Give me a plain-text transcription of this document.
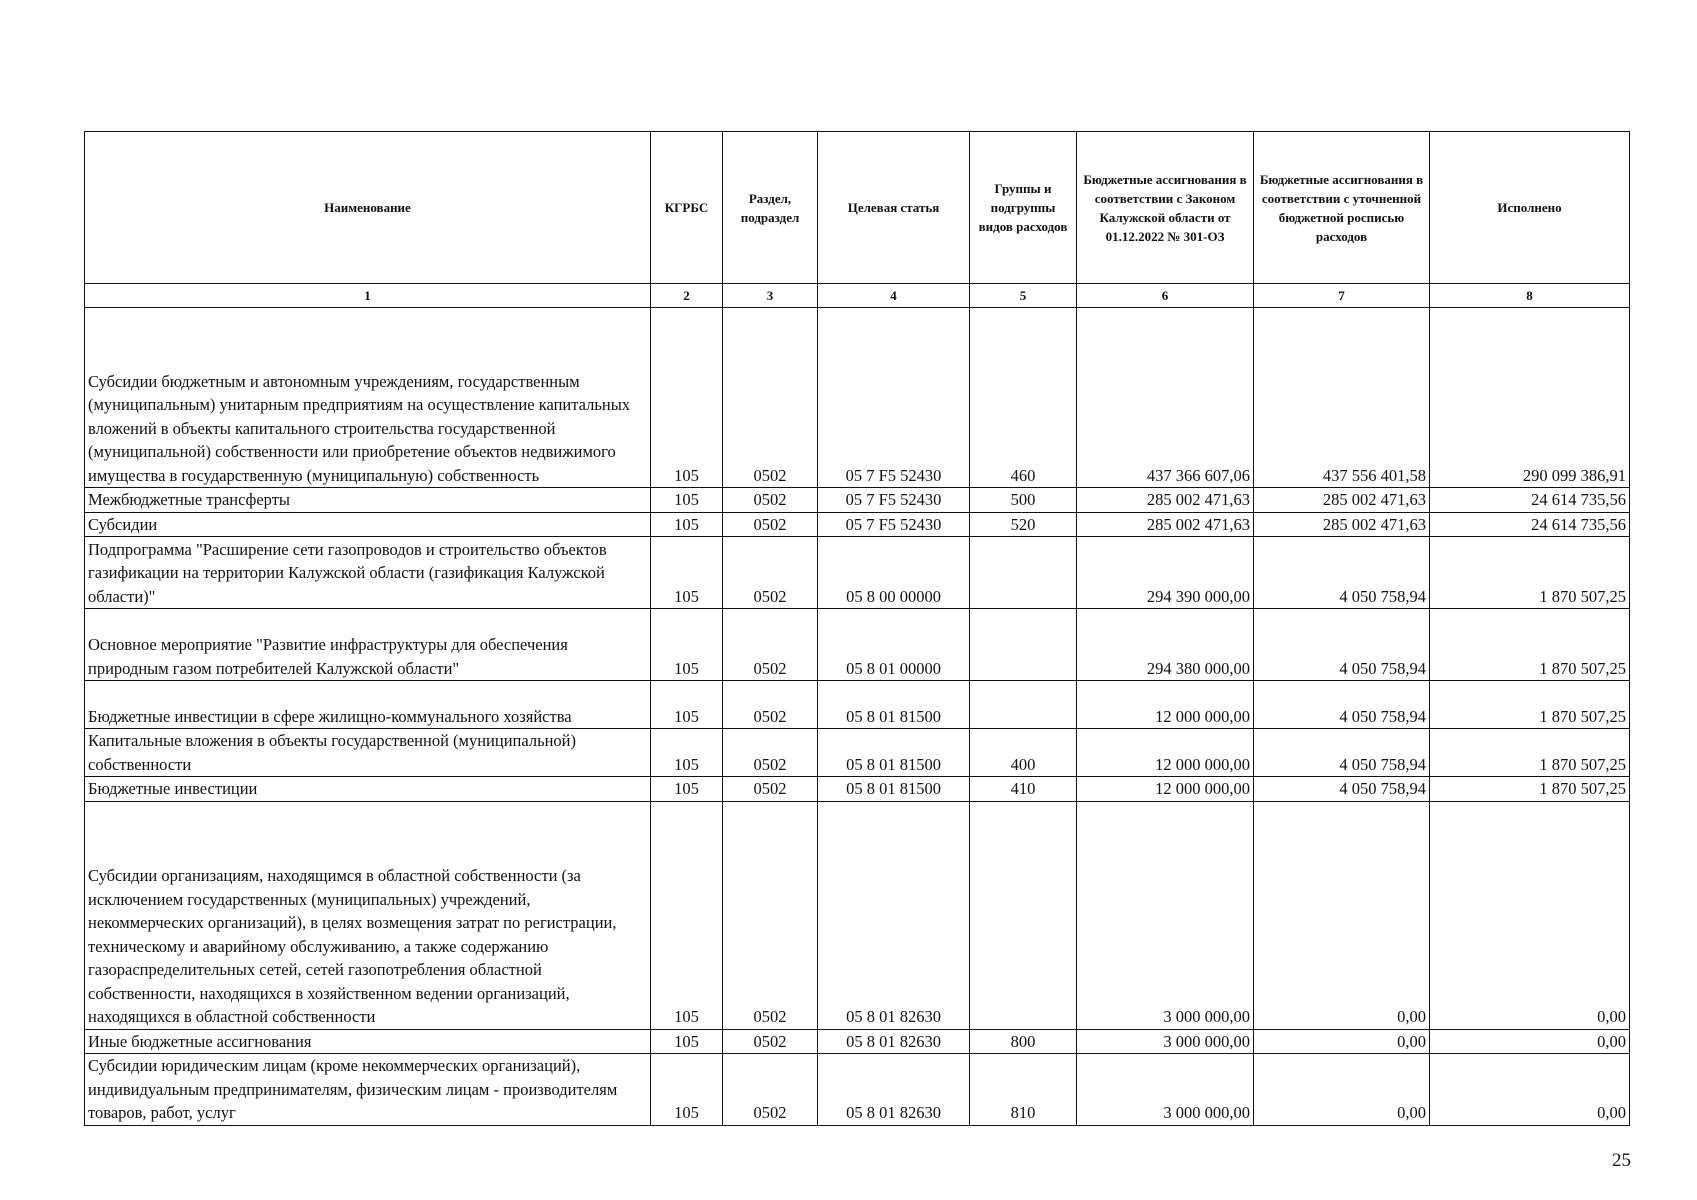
Наименование	КГРБС	Раздел, подраздел	Целевая статья	Группы и подгруппы видов расходов	Бюджетные ассигнования в соответствии с Законом Калужской области от 01.12.2022 № 301-ОЗ	Бюджетные ассигнования в соответствии с уточненной бюджетной росписью расходов	Исполнено
1	2	3	4	5	6	7	8
Субсидии бюджетным и автономным учреждениям, государственным (муниципальным) унитарным предприятиям на осуществление капитальных вложений в объекты капитального строительства государственной (муниципальной) собственности или приобретение объектов недвижимого имущества в государственную (муниципальную) собственность	105	0502	05 7 F5 52430	460	437 366 607,06	437 556 401,58	290 099 386,91
Межбюджетные трансферты	105	0502	05 7 F5 52430	500	285 002 471,63	285 002 471,63	24 614 735,56
Субсидии	105	0502	05 7 F5 52430	520	285 002 471,63	285 002 471,63	24 614 735,56
Подпрограмма "Расширение сети газопроводов и строительство объектов газификации на территории Калужской области (газификация Калужской области)"	105	0502	05 8 00 00000		294 390 000,00	4 050 758,94	1 870 507,25
Основное мероприятие "Развитие инфраструктуры для обеспечения природным газом потребителей Калужской области"	105	0502	05 8 01 00000		294 380 000,00	4 050 758,94	1 870 507,25
Бюджетные инвестиции в сфере жилищно-коммунального хозяйства	105	0502	05 8 01 81500		12 000 000,00	4 050 758,94	1 870 507,25
Капитальные вложения в объекты государственной (муниципальной) собственности	105	0502	05 8 01 81500	400	12 000 000,00	4 050 758,94	1 870 507,25
Бюджетные инвестиции	105	0502	05 8 01 81500	410	12 000 000,00	4 050 758,94	1 870 507,25
Субсидии организациям, находящимся в областной собственности (за исключением государственных (муниципальных) учреждений, некоммерческих организаций), в целях возмещения затрат по регистрации, техническому и аварийному обслуживанию, а также содержанию газораспределительных сетей, сетей газопотребления областной собственности, находящихся в хозяйственном ведении организаций, находящихся в областной собственности	105	0502	05 8 01 82630		3 000 000,00	0,00	0,00
Иные бюджетные ассигнования	105	0502	05 8 01 82630	800	3 000 000,00	0,00	0,00
Субсидии юридическим лицам (кроме некоммерческих организаций), индивидуальным предпринимателям, физическим лицам - производителям товаров, работ, услуг	105	0502	05 8 01 82630	810	3 000 000,00	0,00	0,00
25
